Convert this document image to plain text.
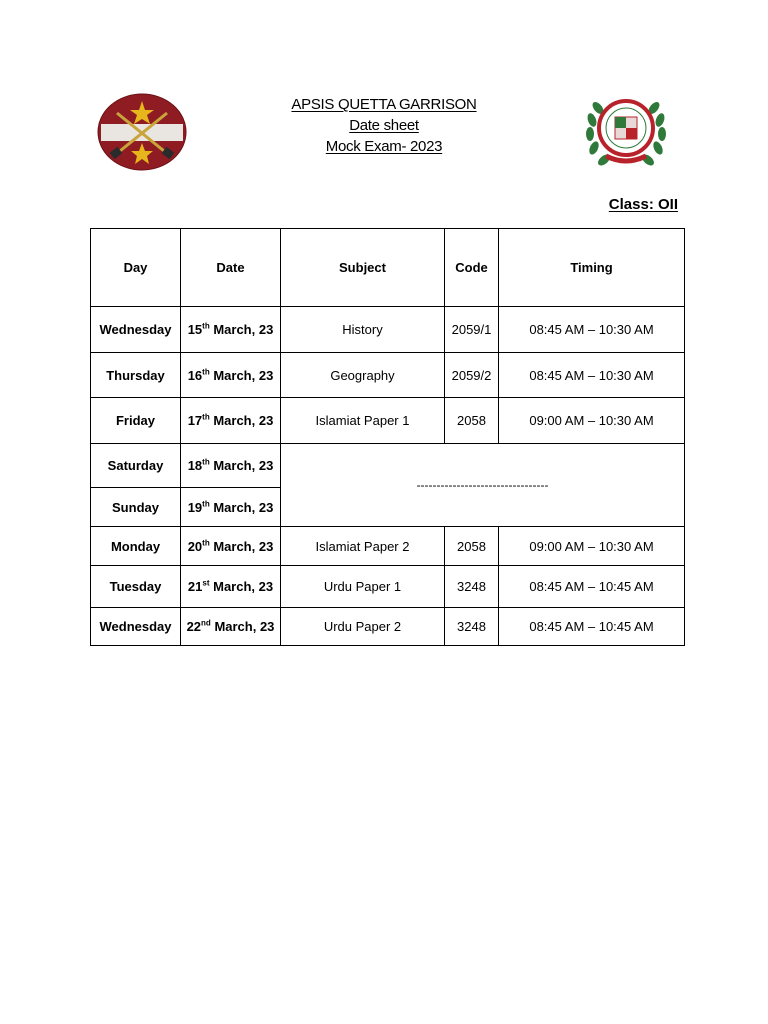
APSIS QUETTA GARRISON
Date sheet
Mock Exam- 2023
Class: OII
Day	Date	Subject	Code	Timing
Wednesday	15th March, 23	History	2059/1	08:45 AM – 10:30 AM
Thursday	16th March, 23	Geography	2059/2	08:45 AM – 10:30 AM
Friday	17th March, 23	Islamiat Paper 1	2058	09:00 AM – 10:30 AM
Saturday	18th March, 23	---------------------------------		
Sunday	19th March, 23			
Monday	20th March, 23	Islamiat Paper 2	2058	09:00 AM – 10:30 AM
Tuesday	21st March, 23	Urdu Paper 1	3248	08:45 AM – 10:45 AM
Wednesday	22nd March, 23	Urdu Paper 2	3248	08:45 AM – 10:45 AM
